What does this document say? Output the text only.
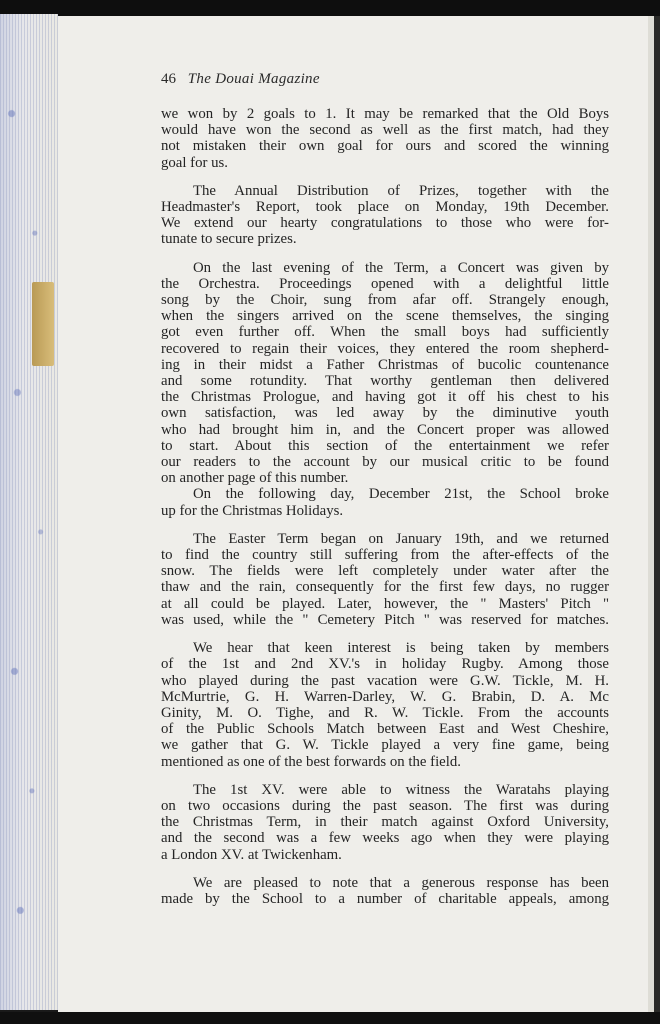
46 The Douai Magazine

we won by 2 goals to 1. It may be remarked that the Old Boys
would have won the second as well as the first match, had they
not mistaken their own goal for ours and scored the winning
goal for us.

The Annual Distribution of Prizes, together with the
Headmaster's Report, took place on Monday, 19th December.
We extend our hearty congratulations to those who were for-
tunate to secure prizes.

On the last evening of the Term, a Concert was given by
the Orchestra. Proceedings opened with a delightful little
song by the Choir, sung from afar off. Strangely enough,
when the singers arrived on the scene themselves, the singing
got even further off. When the small boys had sufficiently
recovered to regain their voices, they entered the room shepherd-
ing in their midst a Father Christmas of bucolic countenance
and some rotundity. That worthy gentleman then delivered
the Christmas Prologue, and having got it off his chest to his
own satisfaction, was led away by the diminutive youth
who had brought him in, and the Concert proper was allowed
to start. About this section of the entertainment we refer
our readers to the account by our musical critic to be found
on another page of this number.

On the following day, December 21st, the School broke
up for the Christmas Holidays.

The Easter Term began on January 19th, and we returned
to find the country still suffering from the after-effects of the
snow. The fields were left completely under water after the
thaw and the rain, consequently for the first few days, no rugger
at all could be played. Later, however, the " Masters' Pitch "
was used, while the " Cemetery Pitch " was reserved for matches.

We hear that keen interest is being taken by members
of the 1st and 2nd XV.'s in holiday Rugby. Among those
who played during the past vacation were G.W. Tickle, M. H.
McMurtrie, G. H. Warren-Darley, W. G. Brabin, D. A. Mc
Ginity, M. O. Tighe, and R. W. Tickle. From the accounts
of the Public Schools Match between East and West Cheshire,
we gather that G. W. Tickle played a very fine game, being
mentioned as one of the best forwards on the field.

The 1st XV. were able to witness the Waratahs playing
on two occasions during the past season. The first was during
the Christmas Term, in their match against Oxford University,
and the second was a few weeks ago when they were playing
a London XV. at Twickenham.

We are pleased to note that a generous response has been
made by the School to a number of charitable appeals, among
